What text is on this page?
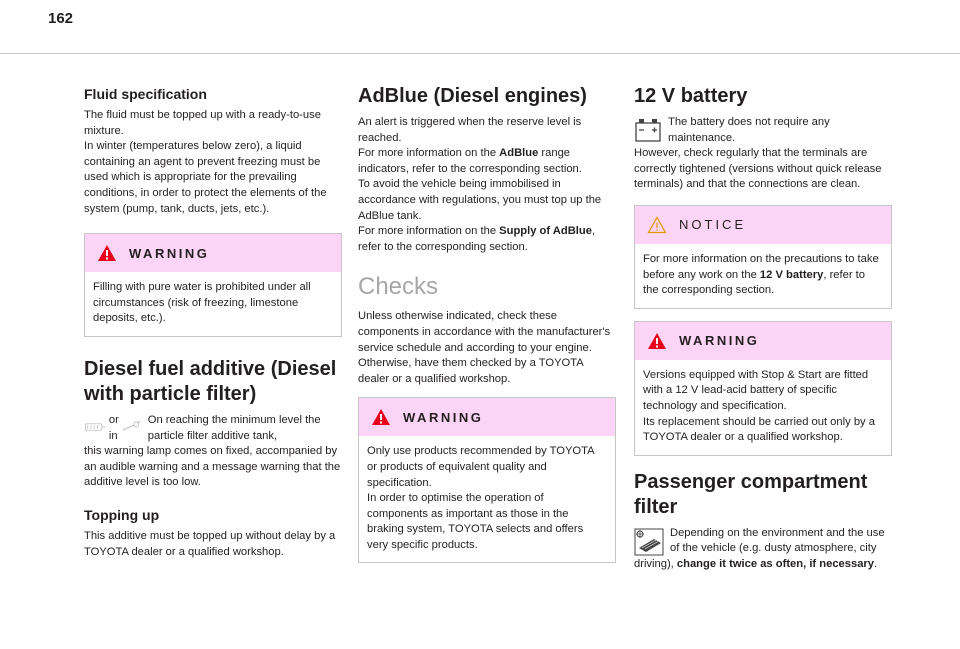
162
Fluid specification

The fluid must be topped up with a ready-to-use mixture.
In winter (temperatures below zero), a liquid containing an agent to prevent freezing must be used which is appropriate for the prevailing conditions, in order to protect the elements of the system (pump, tank, ducts, jets, etc.).

WARNING

Filling with pure water is prohibited under all circumstances (risk of freezing, limestone deposits, etc.).

Diesel fuel additive (Diesel with particle filter)
or
in

On reaching the minimum level the particle filter additive tank,

this warning lamp comes on fixed, accompanied by an audible warning and a message warning that the additive level is too low.

Topping up

This additive must be topped up without delay by a TOYOTA dealer or a qualified workshop.

AdBlue (Diesel engines)

An alert is triggered when the reserve level is reached.

For more information on the AdBlue range indicators, refer to the corresponding section.

To avoid the vehicle being immobilised in accordance with regulations, you must top up the AdBlue tank.

For more information on the Supply of AdBlue, refer to the corresponding section.

Checks

Unless otherwise indicated, check these components in accordance with the manufacturer's service schedule and according to your engine.
Otherwise, have them checked by a TOYOTA dealer or a qualified workshop.

WARNING

Only use products recommended by TOYOTA or products of equivalent quality and specification.
In order to optimise the operation of components as important as those in the braking system, TOYOTA selects and offers very specific products.

12 V battery

The battery does not require any maintenance.

However, check regularly that the terminals are correctly tightened (versions without quick release terminals) and that the connections are clean.

NOTICE

For more information on the precautions to take before any work on the 12 V battery, refer to the corresponding section.

WARNING

Versions equipped with Stop & Start are fitted with a 12 V lead-acid battery of specific technology and specification.
Its replacement should be carried out only by a TOYOTA dealer or a qualified workshop.

Passenger compartment filter

Depending on the environment and the use of the vehicle (e.g. dusty atmosphere, city driving), change it twice as often, if necessary.
